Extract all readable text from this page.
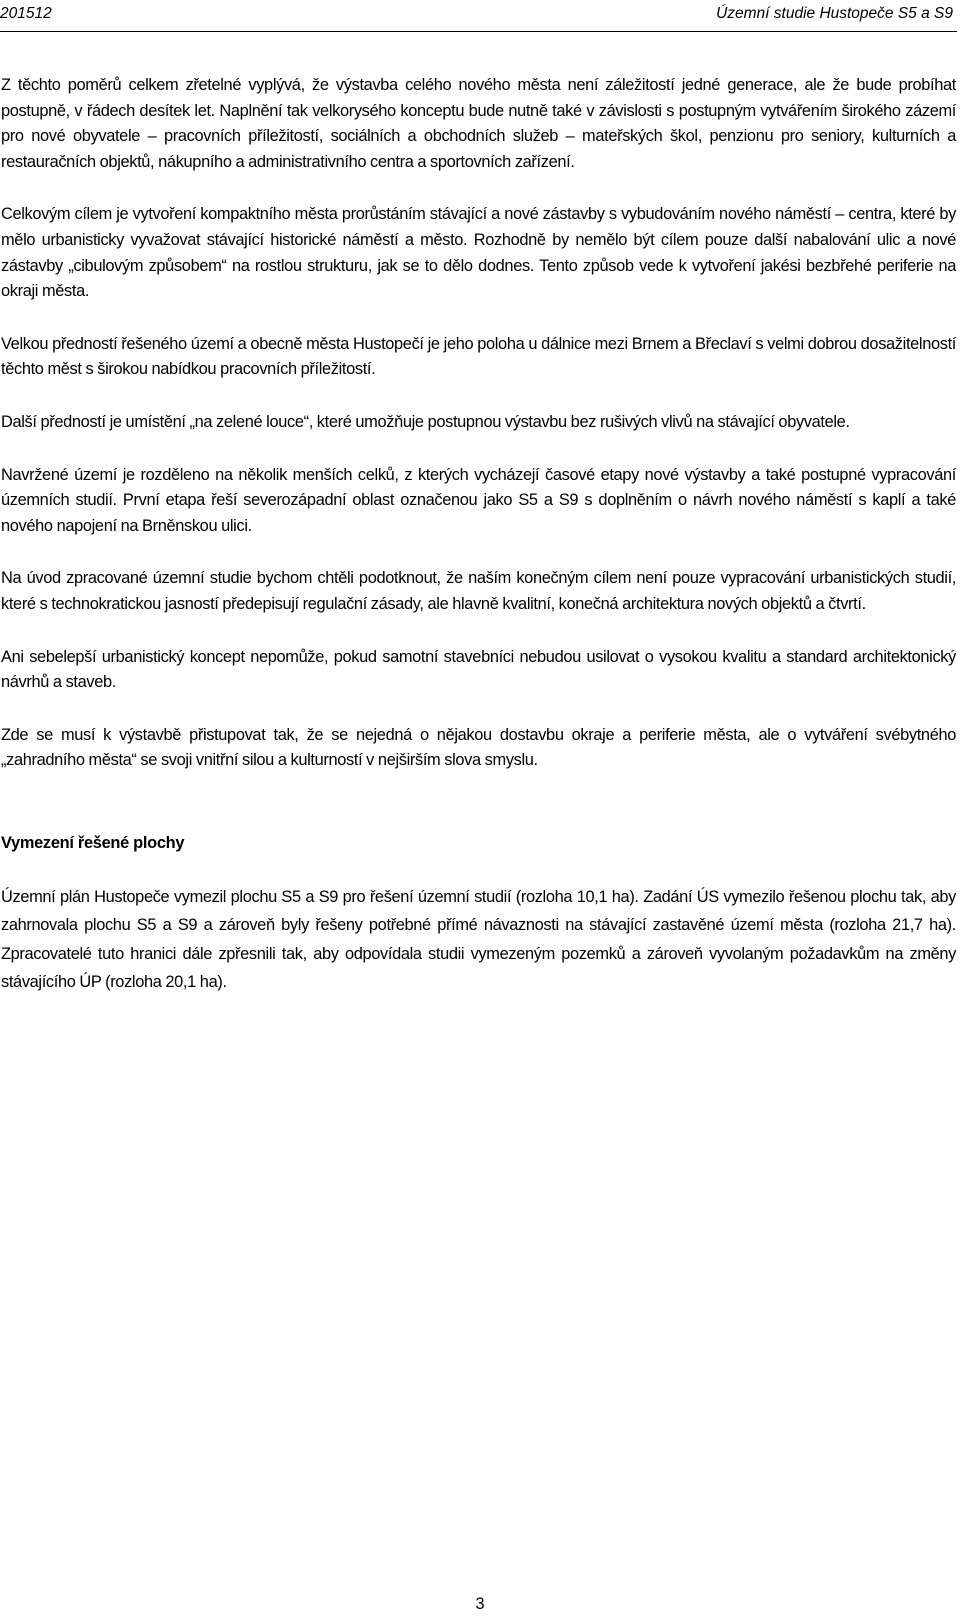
201512	Územní studie Hustopeče S5 a S9

Z těchto poměrů celkem zřetelné vyplývá, že výstavba celého nového města není záležitostí jedné generace, ale že bude probíhat postupně, v řádech desítek let. Naplnění tak velkorysého konceptu bude nutně také v závislosti s postupným vytvářením širokého zázemí pro nové obyvatele – pracovních příležitostí, sociálních a obchodních služeb – mateřských škol, penzionu pro seniory, kulturních a restauračních objektů, nákupního a administrativního centra a sportovních zařízení.

Celkovým cílem je vytvoření kompaktního města prorůstáním stávající a nové zástavby s vybudováním nového náměstí – centra, které by mělo urbanisticky vyvažovat stávající historické náměstí a město. Rozhodně by nemělo být cílem pouze další nabalování ulic a nové zástavby „cibulovým způsobem“ na rostlou strukturu, jak se to dělo dodnes. Tento způsob vede k vytvoření jakési bezbřehé periferie na okraji města.

Velkou předností řešeného území a obecně města Hustopečí je jeho poloha u dálnice mezi Brnem a Břeclaví s velmi dobrou dosažitelností těchto měst s širokou nabídkou pracovních příležitostí.

Další předností je umístění „na zelené louce“, které umožňuje postupnou výstavbu bez rušivých vlivů na stávající obyvatele.

Navržené území je rozděleno na několik menších celků, z kterých vycházejí časové etapy nové výstavby a také postupné vypracování územních studií. První etapa řeší severozápadní oblast označenou jako S5 a S9 s doplněním o návrh nového náměstí s kaplí a také nového napojení na Brněnskou ulici.

Na úvod zpracované územní studie bychom chtěli podotknout, že naším konečným cílem není pouze vypracování urbanistických studií, které s technokratickou jasností předepisují regulační zásady, ale hlavně kvalitní, konečná architektura nových objektů a čtvrtí.

Ani sebelepší urbanistický koncept nepomůže, pokud samotní stavebníci nebudou usilovat o vysokou kvalitu a standard architektonický návrhů a staveb.

Zde se musí k výstavbě přistupovat tak, že se nejedná o nějakou dostavbu okraje a periferie města, ale o vytváření svébytného „zahradního města“ se svoji vnitřní silou a kulturností v nejširším slova smyslu.

Vymezení řešené plochy

Územní plán Hustopeče vymezil plochu S5 a S9 pro řešení územní studií (rozloha 10,1 ha). Zadání ÚS vymezilo řešenou plochu tak, aby zahrnovala plochu S5 a S9 a zároveň byly řešeny potřebné přímé návaznosti na stávající zastavěné území města (rozloha 21,7 ha). Zpracovatelé tuto hranici dále zpřesnili tak, aby odpovídala studii vymezeným pozemků a zároveň vyvolaným požadavkům na změny stávajícího ÚP (rozloha 20,1 ha).

3
